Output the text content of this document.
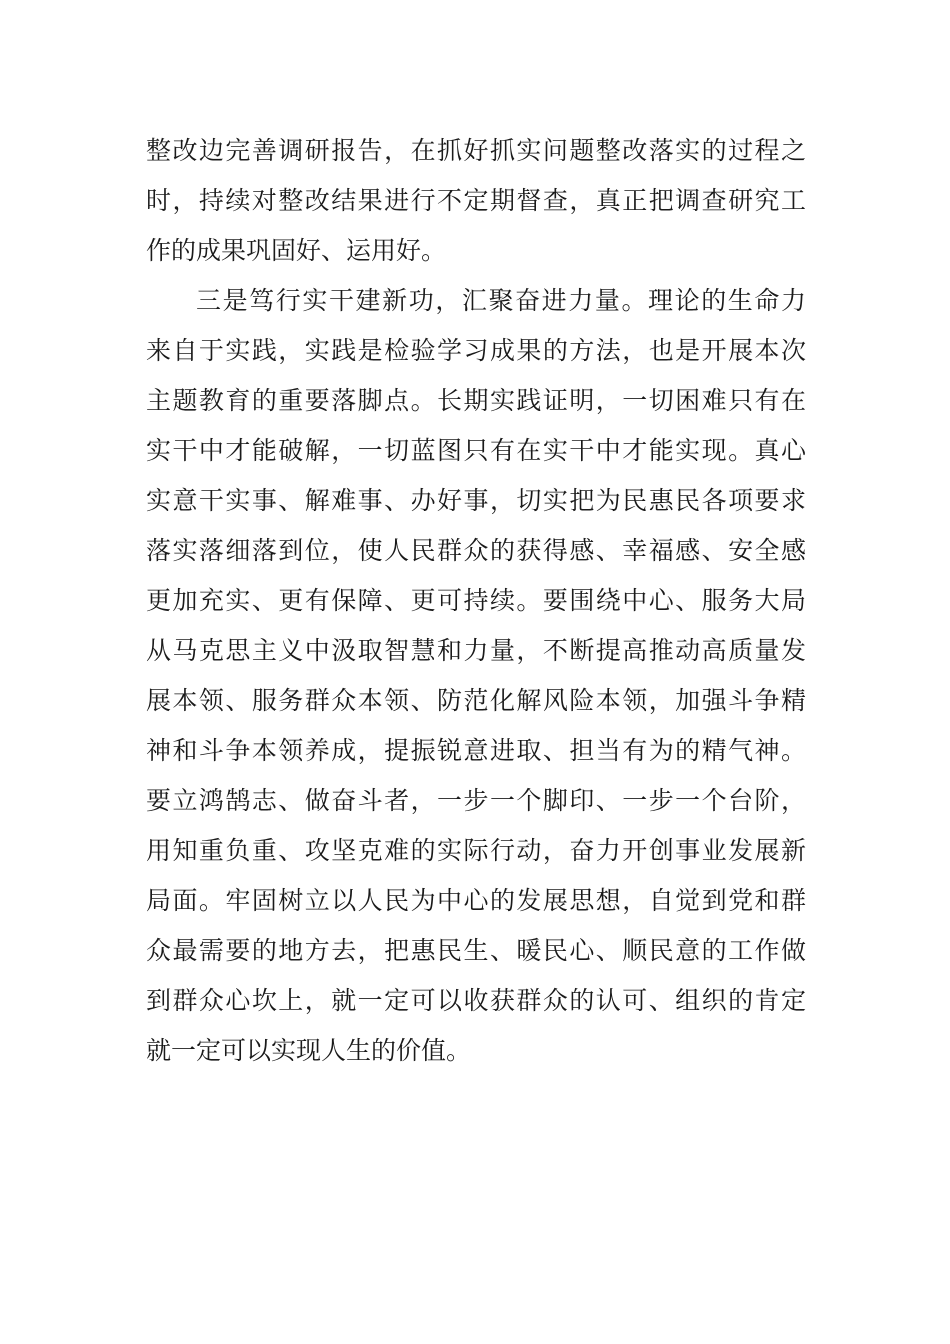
整改边完善调研报告，在抓好抓实问题整改落实的过程之
时，持续对整改结果进行不定期督查，真正把调查研究工
作的成果巩固好、运用好。
三是笃行实干建新功，汇聚奋进力量。理论的生命力
来自于实践，实践是检验学习成果的方法，也是开展本次
主题教育的重要落脚点。长期实践证明，一切困难只有在
实干中才能破解，一切蓝图只有在实干中才能实现。真心
实意干实事、解难事、办好事，切实把为民惠民各项要求
落实落细落到位，使人民群众的获得感、幸福感、安全感
更加充实、更有保障、更可持续。要围绕中心、服务大局
从马克思主义中汲取智慧和力量，不断提高推动高质量发
展本领、服务群众本领、防范化解风险本领，加强斗争精
神和斗争本领养成，提振锐意进取、担当有为的精气神。
要立鸿鹄志、做奋斗者，一步一个脚印、一步一个台阶，
用知重负重、攻坚克难的实际行动，奋力开创事业发展新
局面。牢固树立以人民为中心的发展思想，自觉到党和群
众最需要的地方去，把惠民生、暖民心、顺民意的工作做
到群众心坎上，就一定可以收获群众的认可、组织的肯定
就一定可以实现人生的价值。
